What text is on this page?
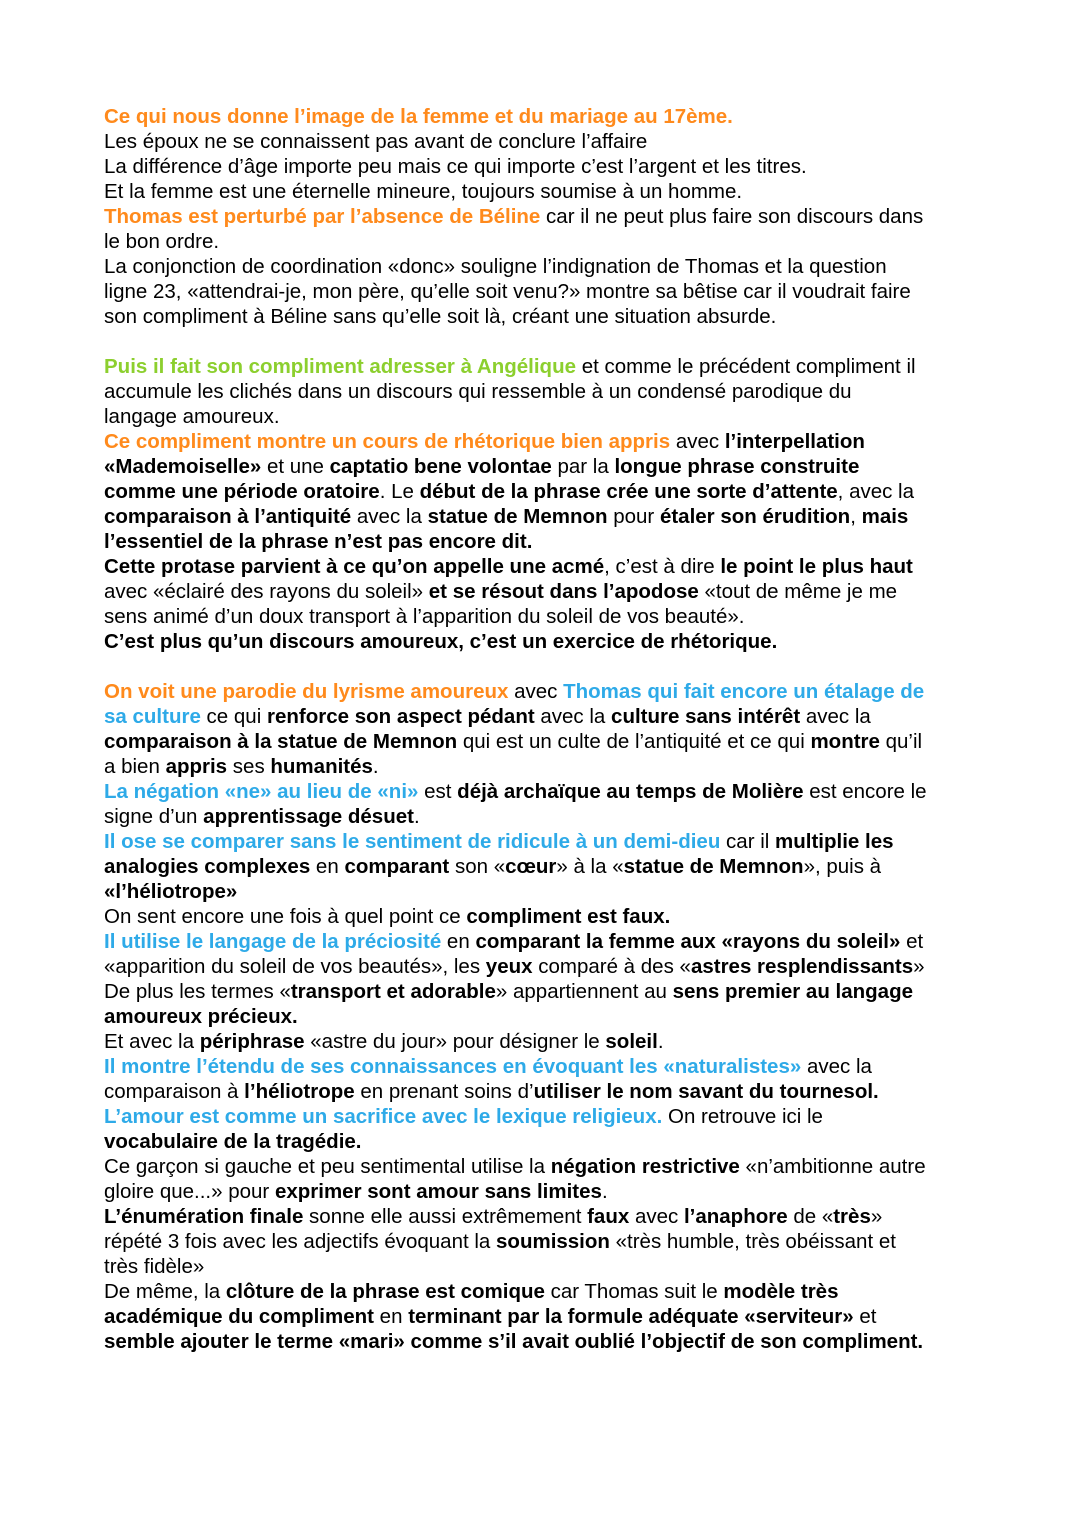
Ce qui nous donne l’image de la femme et du mariage au 17ème.
Les époux ne se connaissent pas avant de conclure l’affaire
La différence d’âge importe peu mais ce qui importe c’est l’argent et les titres.
Et la femme est une éternelle mineure, toujours soumise à un homme.
Thomas est perturbé par l’absence de Béline car il ne peut plus faire son discours dans
le bon ordre.
La conjonction de coordination «donc» souligne l’indignation de Thomas et la question
ligne 23, «attendrai-je, mon père, qu’elle soit venu?» montre sa bêtise car il voudrait faire
son compliment à Béline sans qu’elle soit là, créant une situation absurde.
Puis il fait son compliment adresser à Angélique et comme le précédent compliment il
accumule les clichés dans un discours qui ressemble à un condensé parodique du
langage amoureux.
Ce compliment montre un cours de rhétorique bien appris avec l’interpellation
«Mademoiselle» et une captatio bene volontae par la longue phrase construite
comme une période oratoire. Le début de la phrase crée une sorte d’attente, avec la
comparaison à l’antiquité avec la statue de Memnon pour étaler son érudition, mais
l’essentiel de la phrase n’est pas encore dit.
Cette protase parvient à ce qu’on appelle une acmé, c’est à dire le point le plus haut
avec «éclairé des rayons du soleil» et se résout dans l’apodose «tout de même je me
sens animé d’un doux transport à l’apparition du soleil de vos beauté».
C’est plus qu’un discours amoureux, c’est un exercice de rhétorique.
On voit une parodie du lyrisme amoureux avec Thomas qui fait encore un étalage de
sa culture ce qui renforce son aspect pédant avec la culture sans intérêt avec la
comparaison à la statue de Memnon qui est un culte de l’antiquité et ce qui montre qu’il
a bien appris ses humanités.
La négation «ne» au lieu de «ni» est déjà archaïque au temps de Molière est encore le
signe d’un apprentissage désuet.
Il ose se comparer sans le sentiment de ridicule à un demi-dieu car il multiplie les
analogies complexes en comparant son «cœur» à la «statue de Memnon», puis à
«l’héliotrope»
On sent encore une fois à quel point ce compliment est faux.
Il utilise le langage de la préciosité en comparant la femme aux «rayons du soleil» et
«apparition du soleil de vos beautés», les yeux comparé à des «astres resplendissants»
De plus les termes «transport et adorable» appartiennent au sens premier au langage
amoureux précieux.
Et avec la périphrase «astre du jour» pour désigner le soleil.
Il montre l’étendu de ses connaissances en évoquant les «naturalistes» avec la
comparaison à l’héliotrope en prenant soins d’utiliser le nom savant du tournesol.
L’amour est comme un sacrifice avec le lexique religieux. On retrouve ici le
vocabulaire de la tragédie.
Ce garçon si gauche et peu sentimental utilise la négation restrictive «n’ambitionne autre
gloire que...» pour exprimer sont amour sans limites.
L’énumération finale sonne elle aussi extrêmement faux avec l’anaphore de «très»
répété 3 fois avec les adjectifs évoquant la soumission «très humble, très obéissant et
très fidèle»
De même, la clôture de la phrase est comique car Thomas suit le modèle très
académique du compliment en terminant par la formule adéquate «serviteur» et
semble ajouter le terme «mari» comme s’il avait oublié l’objectif de son compliment.
